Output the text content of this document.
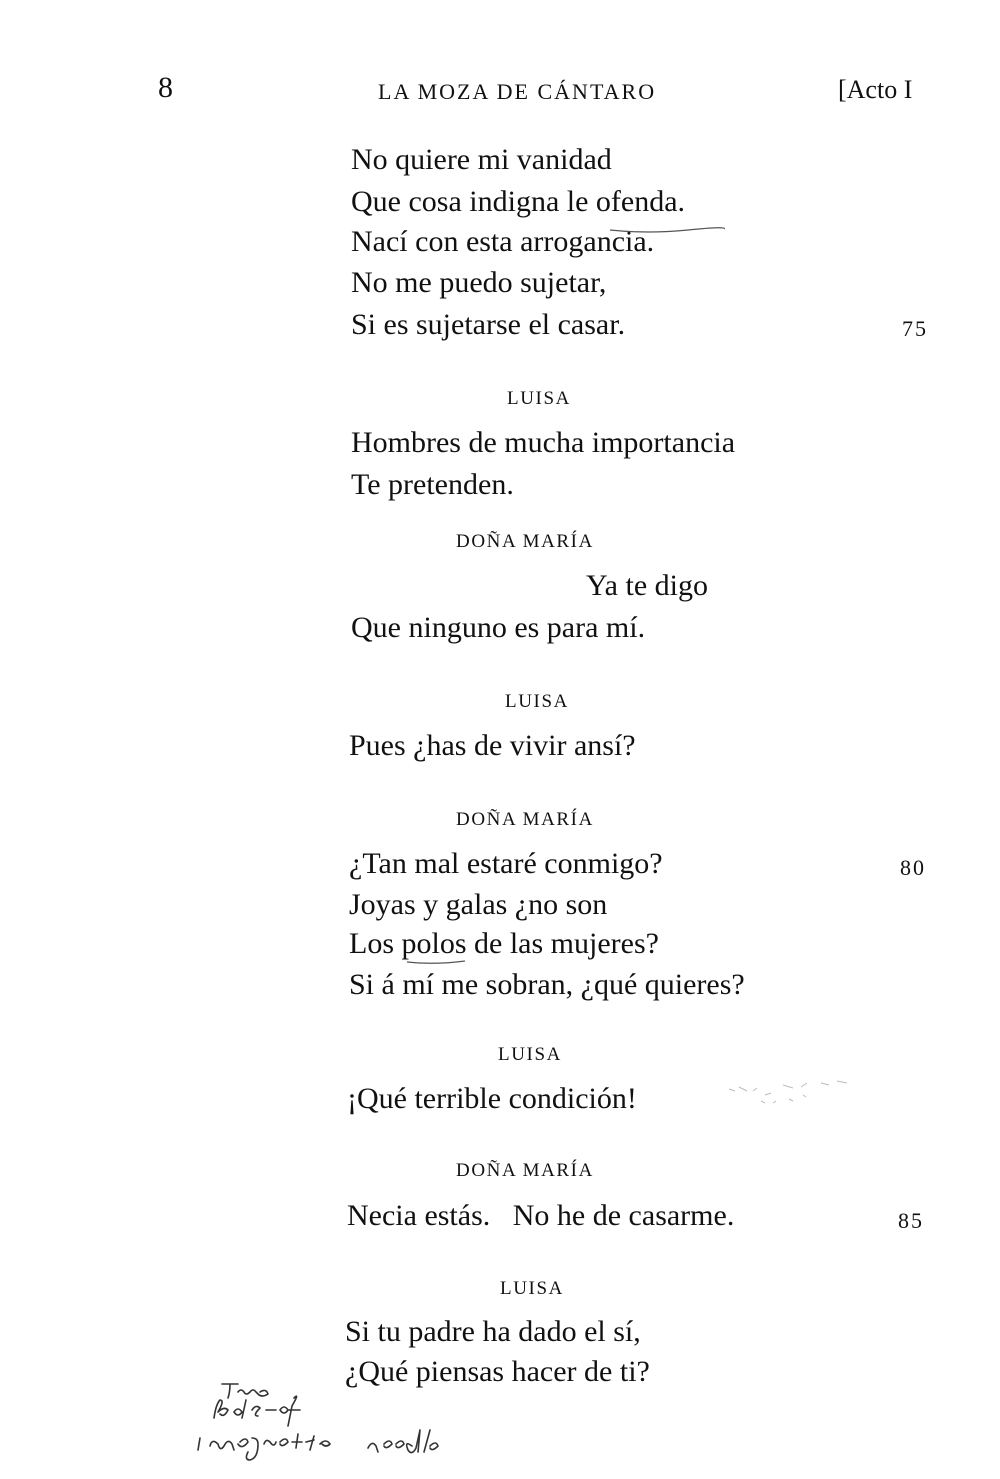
8	LA MOZA DE CÁNTARO	[Acto I
No quiere mi vanidad
Que cosa indigna le ofenda.
Nací con esta arrogancia.
No me puedo sujetar,
Si es sujetarse el casar.	75
LUISA
Hombres de mucha importancia
Te pretenden.
DOÑA MARÍA
Ya te digo
Que ninguno es para mí.
LUISA
Pues ¿has de vivir ansí?
DOÑA MARÍA
¿Tan mal estaré conmigo?	80
Joyas y galas ¿no son
Los polos de las mujeres?
Si á mí me sobran, ¿qué quieres?
LUISA
¡Qué terrible condición!
DOÑA MARÍA
Necia estás.   No he de casarme.	85
LUISA
Si tu padre ha dado el sí,
¿Qué piensas hacer de ti?
